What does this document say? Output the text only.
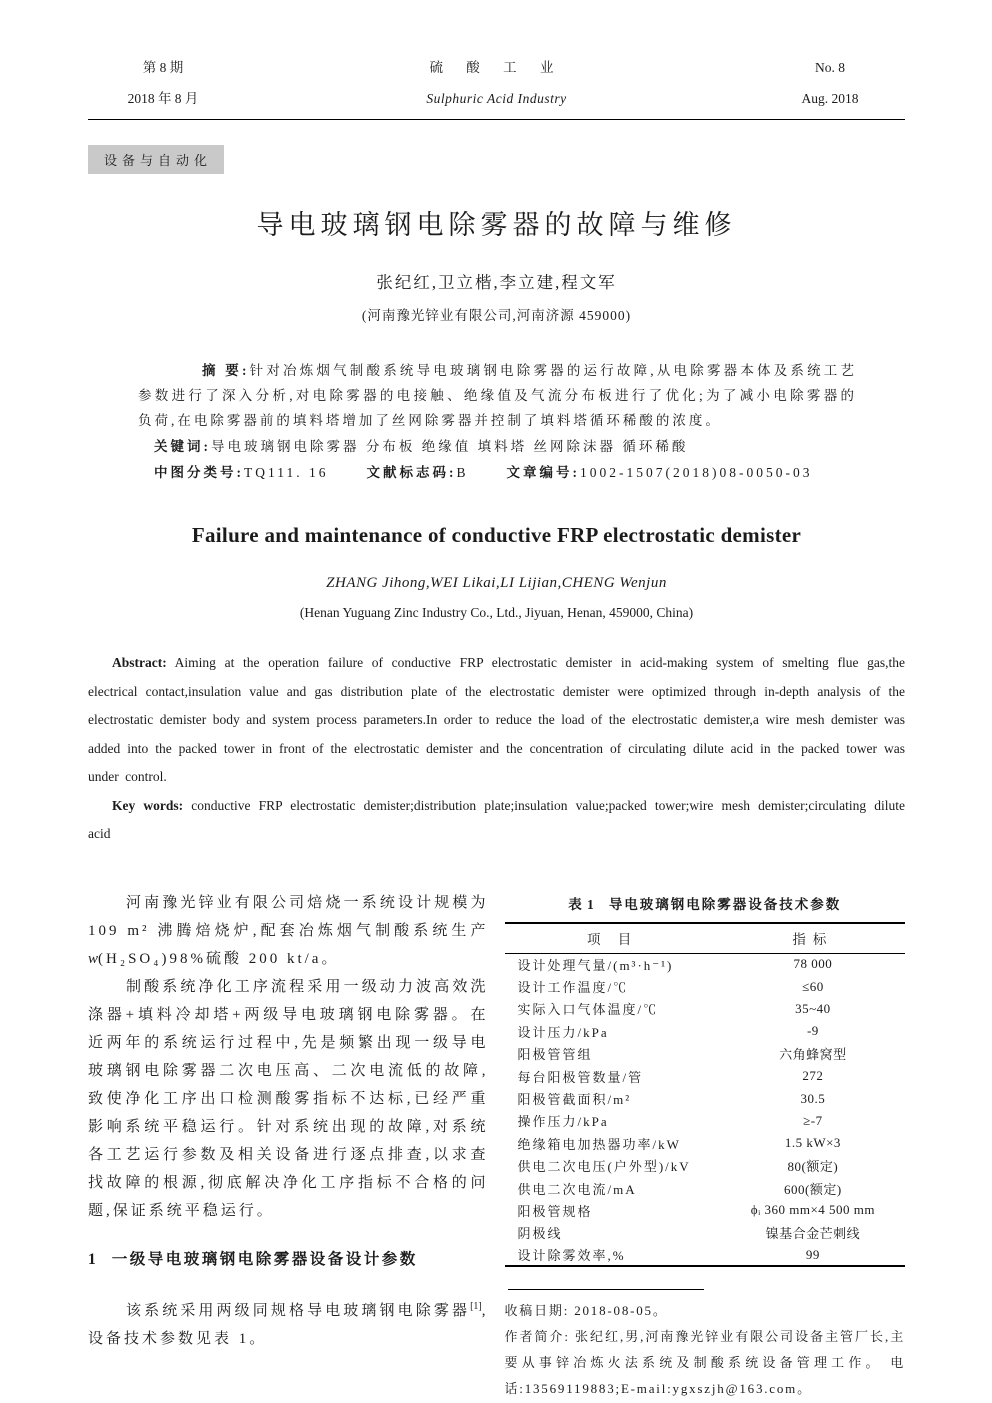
第 8 期
2018 年 8 月
硫 酸 工 业
Sulphuric Acid Industry
No. 8
Aug. 2018
设备与自动化
导电玻璃钢电除雾器的故障与维修
张纪红,卫立楷,李立建,程文军
(河南豫光锌业有限公司,河南济源 459000)

摘 要:针对冶炼烟气制酸系统导电玻璃钢电除雾器的运行故障,从电除雾器本体及系统工艺参数进行了深入分析,对电除雾器的电接触、绝缘值及气流分布板进行了优化;为了减小电除雾器的负荷,在电除雾器前的填料塔增加了丝网除雾器并控制了填料塔循环稀酸的浓度。

关键词:导电玻璃钢电除雾器 分布板 绝缘值 填料塔 丝网除沫器 循环稀酸

中图分类号:TQ111. 16	文献标志码:B	文章编号:1002-1507(2018)08-0050-03

Failure and maintenance of conductive FRP electrostatic demister
ZHANG Jihong,WEI Likai,LI Lijian,CHENG Wenjun
(Henan Yuguang Zinc Industry Co., Ltd., Jiyuan, Henan, 459000, China)

Abstract: Aiming at the operation failure of conductive FRP electrostatic demister in acid-making system of smelting flue gas,the electrical contact,insulation value and gas distribution plate of the electrostatic demister were optimized through in-depth analysis of the electrostatic demister body and system process parameters.In order to reduce the load of the electrostatic demister,a wire mesh demister was added into the packed tower in front of the electrostatic demister and the concentration of circulating dilute acid in the packed tower was under control.

Key words: conductive FRP electrostatic demister;distribution plate;insulation value;packed tower;wire mesh demister;circulating dilute acid

河南豫光锌业有限公司焙烧一系统设计规模为 109 m² 沸腾焙烧炉,配套冶炼烟气制酸系统生产 w(H₂SO₄)98%硫酸 200 kt/a。

制酸系统净化工序流程采用一级动力波高效洗涤器+填料冷却塔+两级导电玻璃钢电除雾器。在近两年的系统运行过程中,先是频繁出现一级导电玻璃钢电除雾器二次电压高、二次电流低的故障,致使净化工序出口检测酸雾指标不达标,已经严重影响系统平稳运行。针对系统出现的故障,对系统各工艺运行参数及相关设备进行逐点排查,以求查找故障的根源,彻底解决净化工序指标不合格的问题,保证系统平稳运行。

1 一级导电玻璃钢电除雾器设备设计参数

该系统采用两级同规格导电玻璃钢电除雾器[1],设备技术参数见表 1。

表 1 导电玻璃钢电除雾器设备技术参数
项 目	指标
设计处理气量/(m³·h⁻¹)	78 000
设计工作温度/℃	≤60
实际入口气体温度/℃	35~40
设计压力/kPa	-9
阳极管管组	六角蜂窝型
每台阳极管数量/管	272
阳极管截面积/m²	30.5
操作压力/kPa	≥-7
绝缘箱电加热器功率/kW	1.5 kW×3
供电二次电压(户外型)/kV	80(额定)
供电二次电流/mA	600(额定)
阳极管规格	ϕᵢ 360 mm×4 500 mm
阴极线	镍基合金芒刺线
设计除雾效率,%	99

收稿日期: 2018-08-05。

作者简介: 张纪红,男,河南豫光锌业有限公司设备主管厂长,主要从事锌冶炼火法系统及制酸系统设备管理工作。 电话:13569119883;E-mail:ygxszjh@163.com。
